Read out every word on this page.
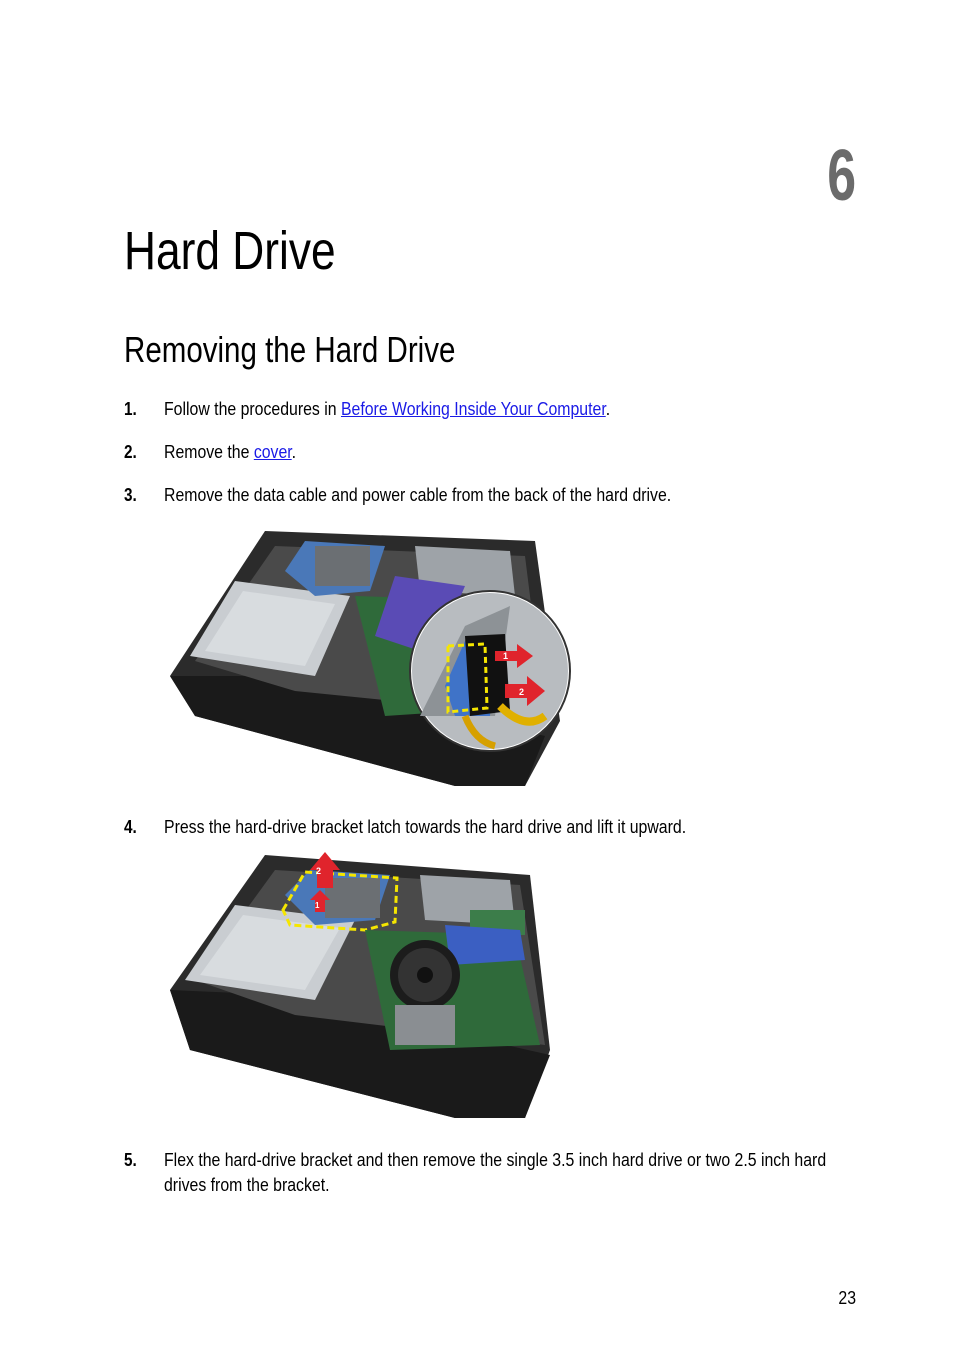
6
Hard Drive
Removing the Hard Drive
1. Follow the procedures in Before Working Inside Your Computer.
2. Remove the cover.
3. Remove the data cable and power cable from the back of the hard drive.
1
2
4. Press the hard-drive bracket latch towards the hard drive and lift it upward.
2
1
5. Flex the hard-drive bracket and then remove the single 3.5 inch hard drive or two 2.5 inch hard drives from the bracket.
23
